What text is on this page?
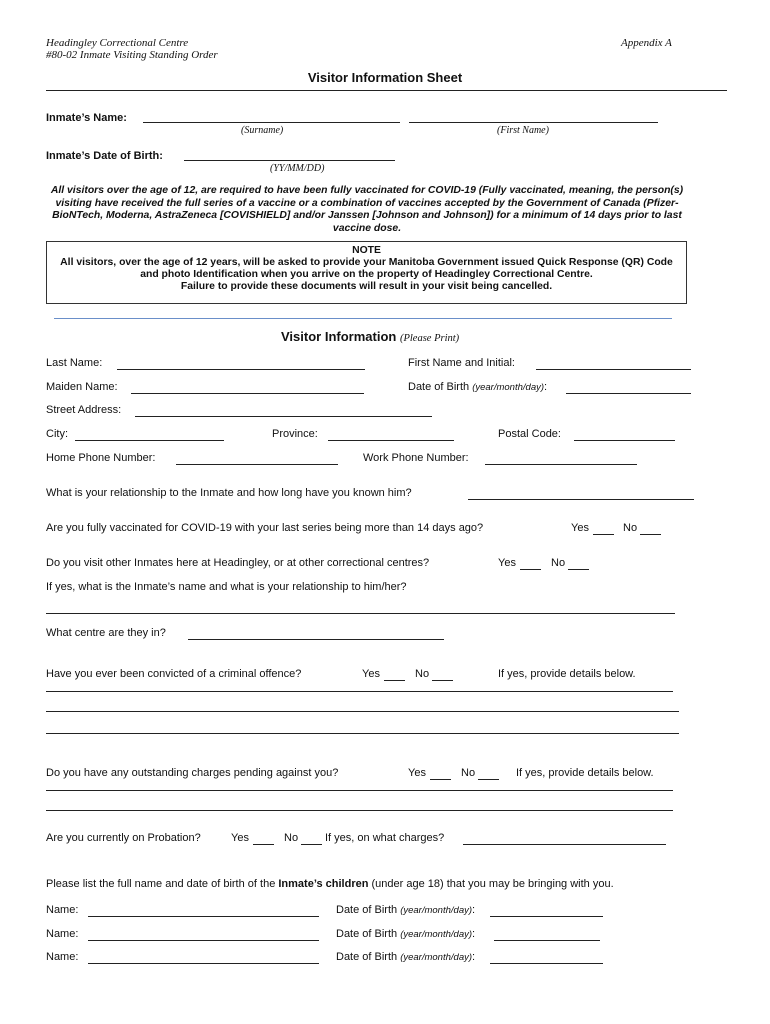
Headingley Correctional Centre
#80-02 Inmate Visiting Standing Order
Appendix A
Visitor Information Sheet
Inmate’s Name:
(Surname)	(First Name)
Inmate’s Date of Birth:
(YY/MM/DD)
All visitors over the age of 12, are required to have been fully vaccinated for COVID-19 (Fully vaccinated, meaning, the person(s) visiting have received the full series of a vaccine or a combination of vaccines accepted by the Government of Canada (Pfizer-BioNTech, Moderna, AstraZeneca [COVISHIELD] and/or Janssen [Johnson and Johnson]) for a minimum of 14 days prior to last vaccine dose.
NOTE
All visitors, over the age of 12 years, will be asked to provide your Manitoba Government issued Quick Response (QR) Code and photo Identification when you arrive on the property of Headingley Correctional Centre.
Failure to provide these documents will result in your visit being cancelled.
Visitor Information (Please Print)
Last Name:	First Name and Initial:
Maiden Name:	Date of Birth (year/month/day):
Street Address:
City:	Province:	Postal Code:
Home Phone Number:	Work Phone Number:
What is your relationship to the Inmate and how long have you known him?
Are you fully vaccinated for COVID-19 with your last series being more than 14 days ago?	Yes	No
Do you visit other Inmates here at Headingley, or at other correctional centres?	Yes	No
If yes, what is the Inmate’s name and what is your relationship to him/her?
What centre are they in?
Have you ever been convicted of a criminal offence?	Yes	No	If yes, provide details below.
Do you have any outstanding charges pending against you?	Yes	No	If yes, provide details below.
Are you currently on Probation?	Yes	No If yes, on what charges?
Please list the full name and date of birth of the Inmate’s children (under age 18) that you may be bringing with you.
Name:	Date of Birth (year/month/day):
Name:	Date of Birth (year/month/day):
Name:	Date of Birth (year/month/day):
